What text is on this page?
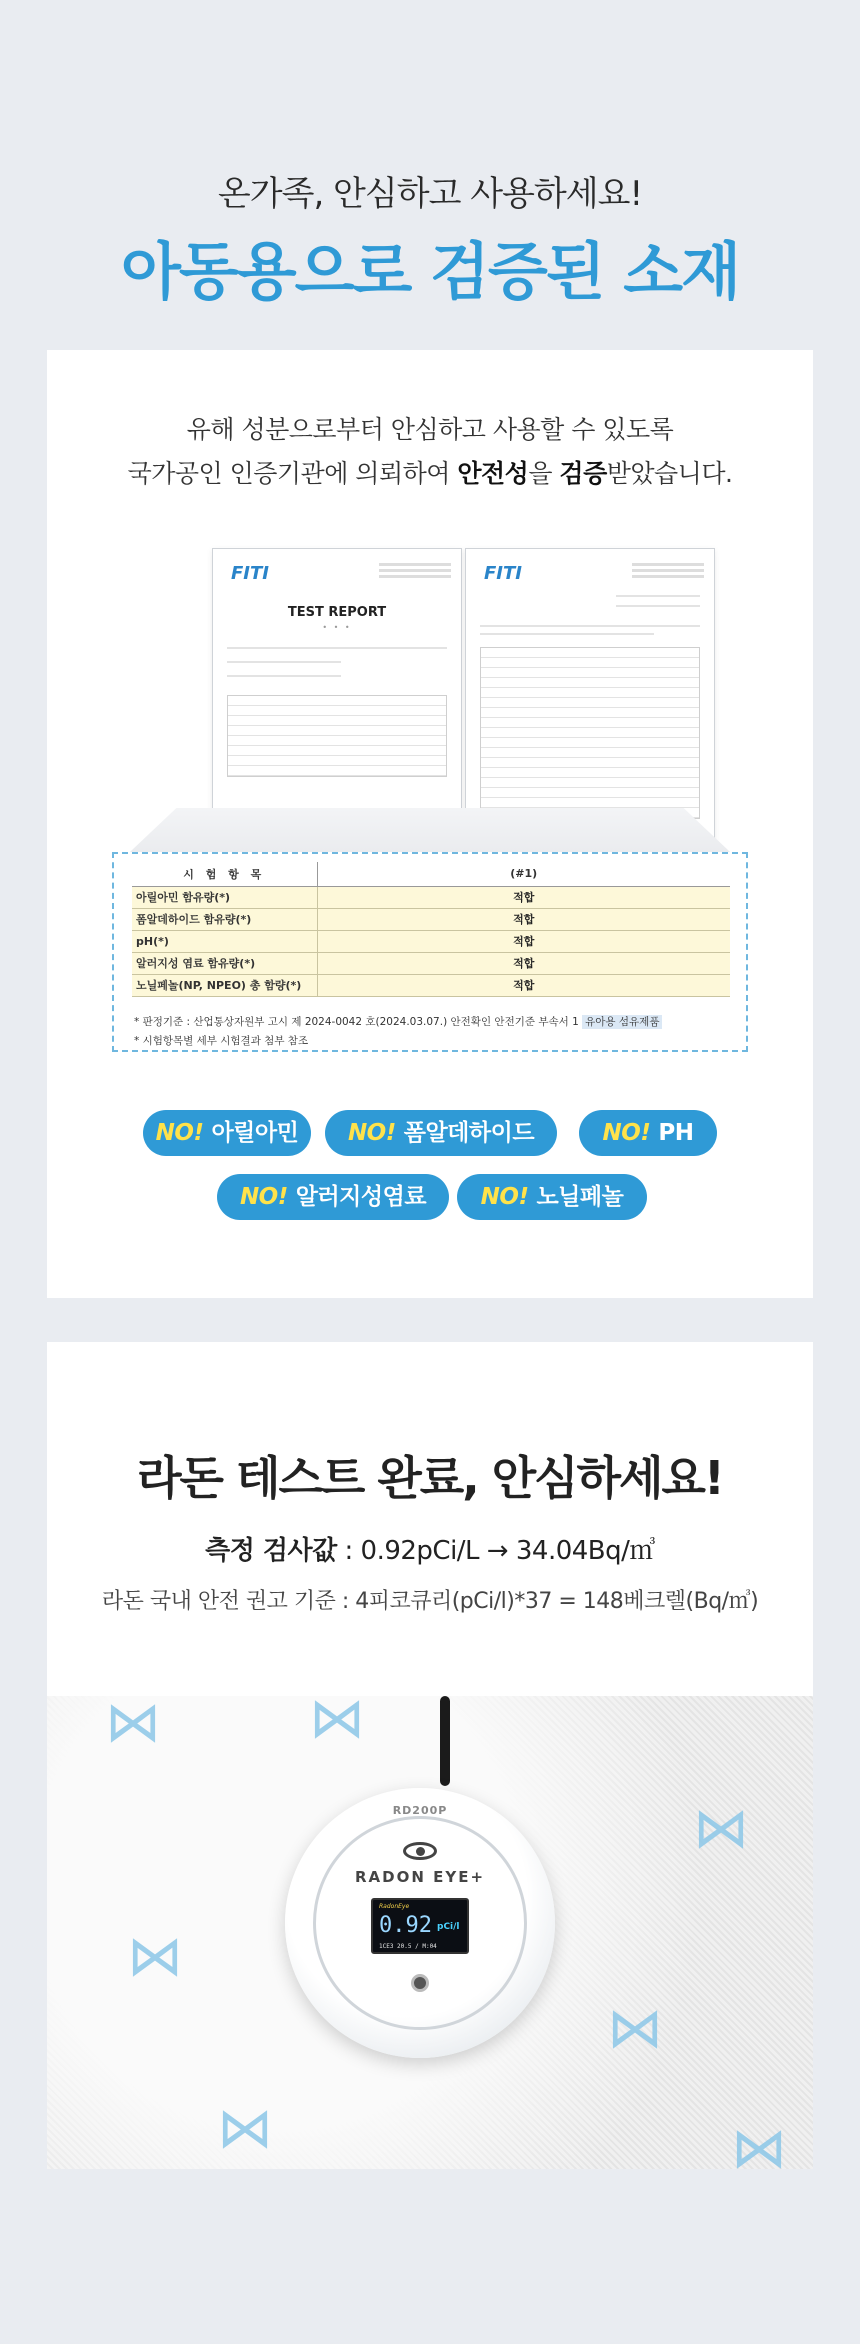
온가족, 안심하고 사용하세요!
아동용으로 검증된 소재
유해 성분으로부터 안심하고 사용할 수 있도록
국가공인 인증기관에 의뢰하여 안전성을 검증받았습니다.
FITI
TEST REPORT
• • •
FITI
시 험 항 목	(#1)
아릴아민 함유량(*)	적합
폼알데하이드 함유량(*)	적합
pH(*)	적합
알러지성 염료 함유량(*)	적합
노닐페놀(NP, NPEO) 총 함량(*)	적합
* 판정기준 : 산업통상자원부 고시 제 2024-0042 호(2024.03.07.) 안전확인 안전기준 부속서 1 유아용 섬유제품
* 시험항목별 세부 시험결과 첨부 참조
NO! 아릴아민	NO! 폼알데하이드	NO! PH
NO! 알러지성염료	NO! 노닐페놀
라돈 테스트 완료, 안심하세요!
측정 검사값 : 0.92pCi/L → 34.04Bq/㎥
라돈 국내 안전 권고 기준 : 4피코큐리(pCi/l)*37 = 148베크렐(Bq/㎥)
⋈	⋈
⋈
⋈
⋈
⋈
⋈
RD200P
RADON EYE+
RadonEye
0.92 pCi/l
1CE3 20.5 / M:04
